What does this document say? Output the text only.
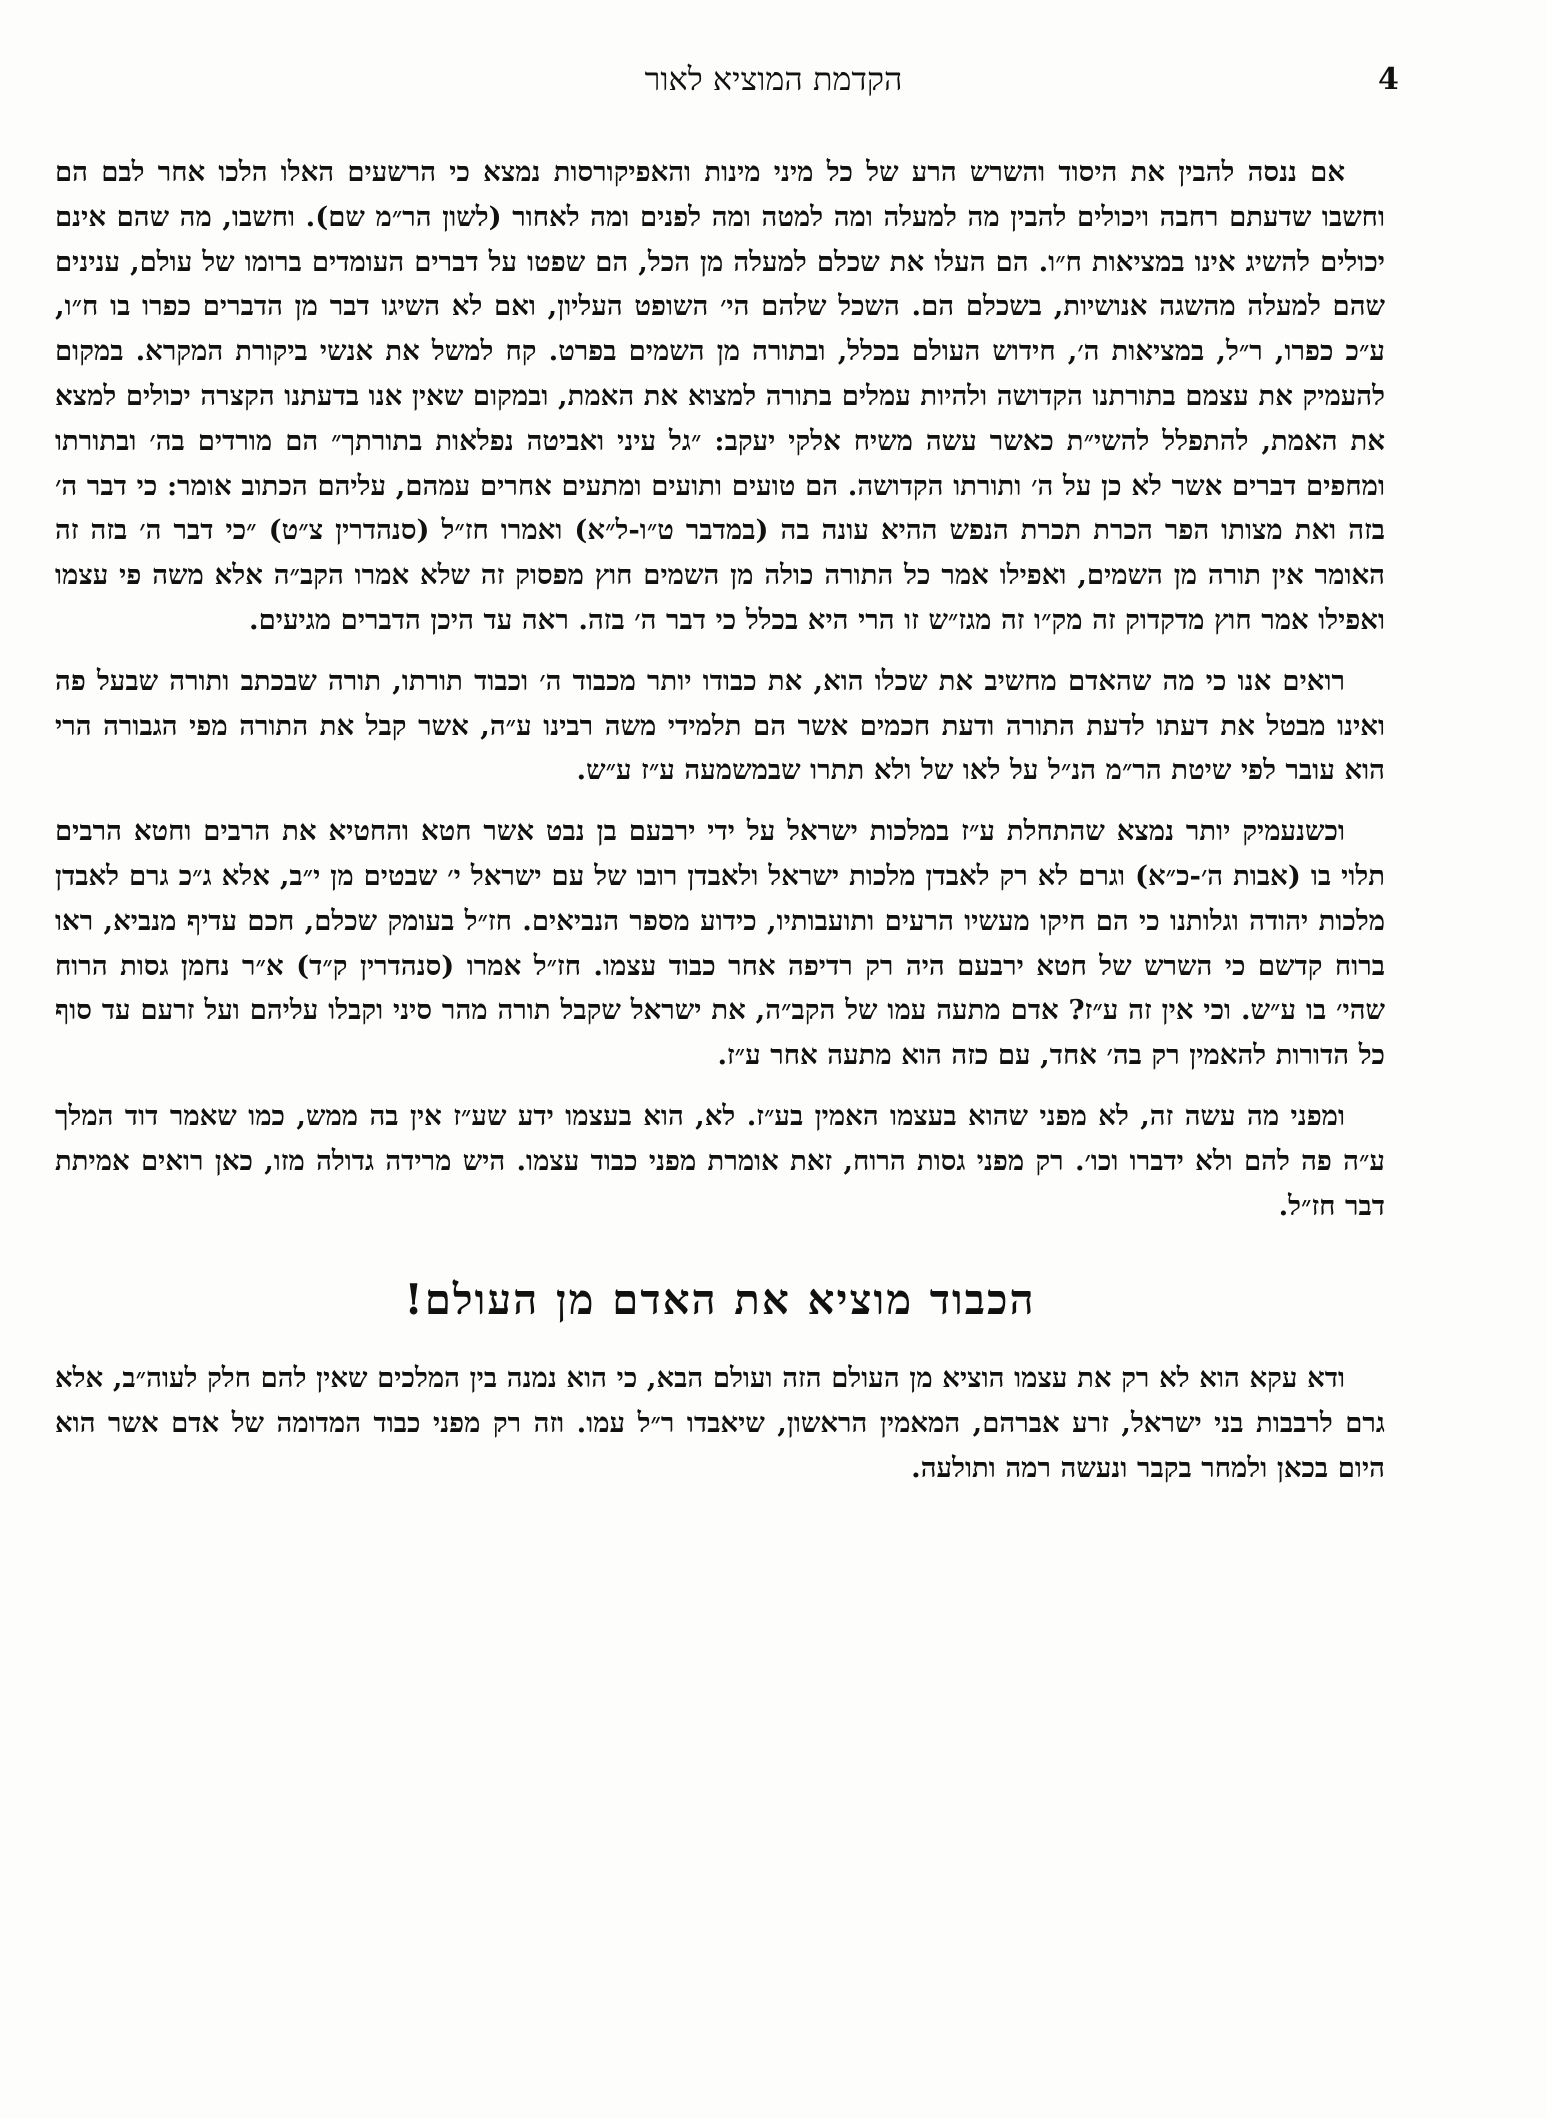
4
הקדמת המוציא לאור

אם ננסה להבין את היסוד והשרש הרע של כל מיני מינות והאפיקורסות נמצא כי הרשעים האלו הלכו אחר לבם הם וחשבו שדעתם רחבה ויכולים להבין מה למעלה ומה למטה ומה לפנים ומה לאחור (לשון הר״מ שם). וחשבו, מה שהם אינם יכולים להשיג אינו במציאות ח״ו. הם העלו את שכלם למעלה מן הכל, הם שפטו על דברים העומדים ברומו של עולם, ענינים שהם למעלה מהשגה אנושיות, בשכלם הם. השכל שלהם הי׳ השופט העליון, ואם לא השיגו דבר מן הדברים כפרו בו ח״ו, ע״כ כפרו, ר״ל, במציאות ה׳, חידוש העולם בכלל, ובתורה מן השמים בפרט. קח למשל את אנשי ביקורת המקרא. במקום להעמיק את עצמם בתורתנו הקדושה ולהיות עמלים בתורה למצוא את האמת, ובמקום שאין אנו בדעתנו הקצרה יכולים למצא את האמת, להתפלל להשי״ת כאשר עשה משיח אלקי יעקב: ״גל עיני ואביטה נפלאות בתורתך״ הם מורדים בה׳ ובתורתו ומחפים דברים אשר לא כן על ה׳ ותורתו הקדושה. הם טועים ותועים ומתעים אחרים עמהם, עליהם הכתוב אומר: כי דבר ה׳ בזה ואת מצותו הפר הכרת תכרת הנפש ההיא עונה בה (במדבר ט״ו-ל״א) ואמרו חז״ל (סנהדרין צ״ט) ״כי דבר ה׳ בזה זה האומר אין תורה מן השמים, ואפילו אמר כל התורה כולה מן השמים חוץ מפסוק זה שלא אמרו הקב״ה אלא משה פי עצמו ואפילו אמר חוץ מדקדוק זה מק״ו זה מגז״ש זו הרי היא בכלל כי דבר ה׳ בזה. ראה עד היכן הדברים מגיעים.

רואים אנו כי מה שהאדם מחשיב את שכלו הוא, את כבודו יותר מכבוד ה׳ וכבוד תורתו, תורה שבכתב ותורה שבעל פה ואינו מבטל את דעתו לדעת התורה ודעת חכמים אשר הם תלמידי משה רבינו ע״ה, אשר קבל את התורה מפי הגבורה הרי הוא עובר לפי שיטת הר״מ הנ״ל על לאו של ולא תתרו שבמשמעה ע״ז ע״ש.

וכשנעמיק יותר נמצא שהתחלת ע״ז במלכות ישראל על ידי ירבעם בן נבט אשר חטא והחטיא את הרבים וחטא הרבים תלוי בו (אבות ה׳-כ״א) וגרם לא רק לאבדן מלכות ישראל ולאבדן רובו של עם ישראל י׳ שבטים מן י״ב, אלא ג״כ גרם לאבדן מלכות יהודה וגלותנו כי הם חיקו מעשיו הרעים ותועבותיו, כידוע מספר הנביאים. חז״ל בעומק שכלם, חכם עדיף מנביא, ראו ברוח קדשם כי השרש של חטא ירבעם היה רק רדיפה אחר כבוד עצמו. חז״ל אמרו (סנהדרין ק״ד) א״ר נחמן גסות הרוח שהי׳ בו ע״ש. וכי אין זה ע״ז? אדם מתעה עמו של הקב״ה, את ישראל שקבל תורה מהר סיני וקבלו עליהם ועל זרעם עד סוף כל הדורות להאמין רק בה׳ אחד, עם כזה הוא מתעה אחר ע״ז.

ומפני מה עשה זה, לא מפני שהוא בעצמו האמין בע״ז. לא, הוא בעצמו ידע שע״ז אין בה ממש, כמו שאמר דוד המלך ע״ה פה להם ולא ידברו וכו׳. רק מפני גסות הרוח, זאת אומרת מפני כבוד עצמו. היש מרידה גדולה מזו, כאן רואים אמיתת דבר חז״ל.

הכבוד מוציא את האדם מן העולם!

ודא עקא הוא לא רק את עצמו הוציא מן העולם הזה ועולם הבא, כי הוא נמנה בין המלכים שאין להם חלק לעוה״ב, אלא גרם לרבבות בני ישראל, זרע אברהם, המאמין הראשון, שיאבדו ר״ל עמו. וזה רק מפני כבוד המדומה של אדם אשר הוא היום בכאן ולמחר בקבר ונעשה רמה ותולעה.
